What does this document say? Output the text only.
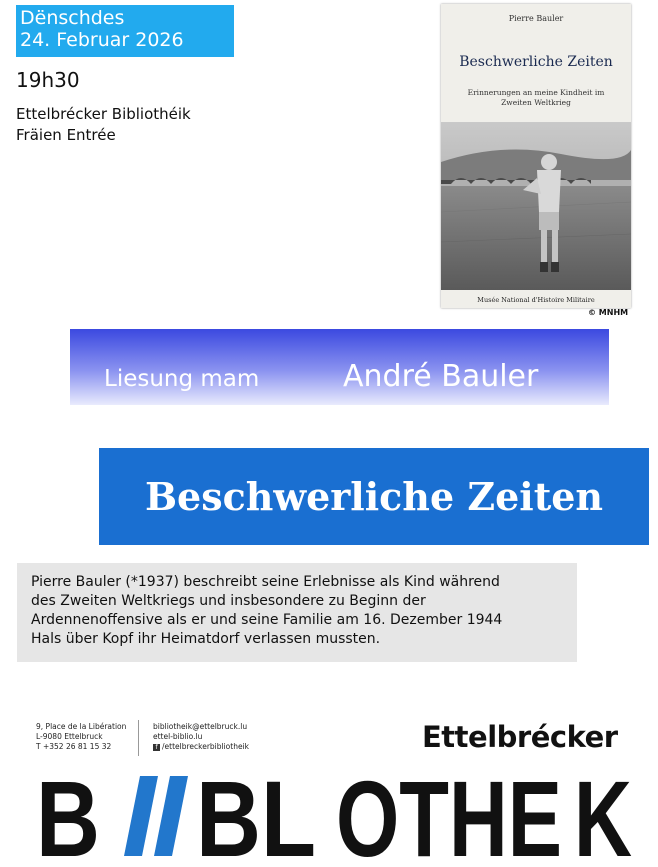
Dënschdes
24. Februar 2026
19h30
Ettelbrécker Bibliothéik
Fräien Entrée
Pierre Bauler
Beschwerliche Zeiten
Erinnerungen an meine Kindheit im Zweiten Weltkrieg
Musée National d'Histoire Militaire
© MNHM
Liesung mam	André Bauler
Beschwerliche Zeiten
Pierre Bauler (*1937) beschreibt seine Erlebnisse als Kind während
des Zweiten Weltkriegs und insbesondere zu Beginn der
Ardennenoffensive als er und seine Familie am 16. Dezember 1944
Hals über Kopf ihr Heimatdorf verlassen mussten.
9, Place de la Libération
L-9080 Ettelbruck
T +352 26 81 15 32
bibliotheik@ettelbruck.lu
ettel-biblio.lu
f /ettelbreckerbibliotheik	Ettelbrécker
B BL OTHE K
